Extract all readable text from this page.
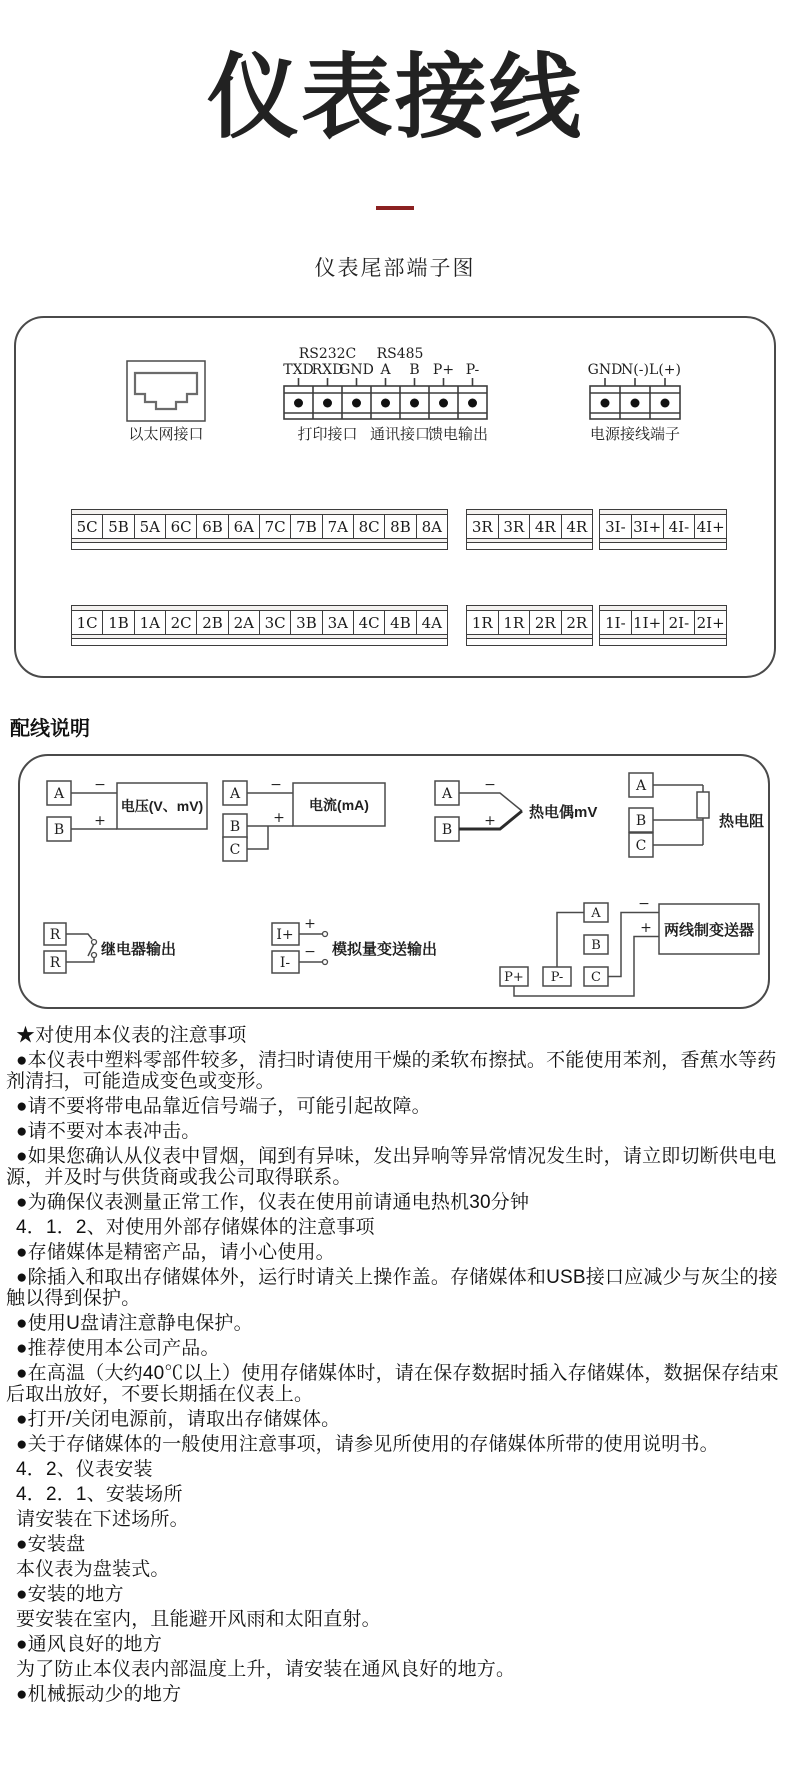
仪表接线
仪表尾部端子图
以太网接口
RS232C RS485
TXD
RXD
GND A B P+ P-
打印接口 通讯接口
馈电输出
GND
N(-) L(+)
电源接线端子
5C 5B 5A 6C 6B 6A 7C 7B 7A 8C 8B 8A	3R 3R 4R 4R	3I- 3I+ 4I- 4I+
1C 1B 1A 2C 2B 2A 3C 3B 3A 4C 4B 4A	1R 1R 2R 2R	1I- 1I+ 2I- 2I+
配线说明
A
B
−
+
电压(V、mV)
A
B
C
−
+
电流(mA)
A
B
−
+ 热电偶mV
A
B
C
热电阻
R
R
继电器输出
I+
I-
+
− 模拟量变送输出
A
B
C
P+ P-
两线制变送器
−
+

★对使用本仪表的注意事项

●本仪表中塑料零部件较多，清扫时请使用干燥的柔软布擦拭。不能使用苯剂，香蕉水等药剂清扫，可能造成变色或变形。

●请不要将带电品靠近信号端子，可能引起故障。

●请不要对本表冲击。

●如果您确认从仪表中冒烟，闻到有异味，发出异响等异常情况发生时，请立即切断供电电源，并及时与供货商或我公司取得联系。

●为确保仪表测量正常工作，仪表在使用前请通电热机30分钟

4．1．2、对使用外部存储媒体的注意事项

●存储媒体是精密产品，请小心使用。

●除插入和取出存储媒体外，运行时请关上操作盖。存储媒体和USB接口应减少与灰尘的接触以得到保护。

●使用U盘请注意静电保护。

●推荐使用本公司产品。

●在高温（大约40℃以上）使用存储媒体时，请在保存数据时插入存储媒体，数据保存结束后取出放好，不要长期插在仪表上。

●打开/关闭电源前，请取出存储媒体。

●关于存储媒体的一般使用注意事项，请参见所使用的存储媒体所带的使用说明书。

4．2、仪表安装

4．2．1、安装场所

请安装在下述场所。

●安装盘

本仪表为盘装式。

●安装的地方

要安装在室内，且能避开风雨和太阳直射。

●通风良好的地方

为了防止本仪表内部温度上升，请安装在通风良好的地方。

●机械振动少的地方
